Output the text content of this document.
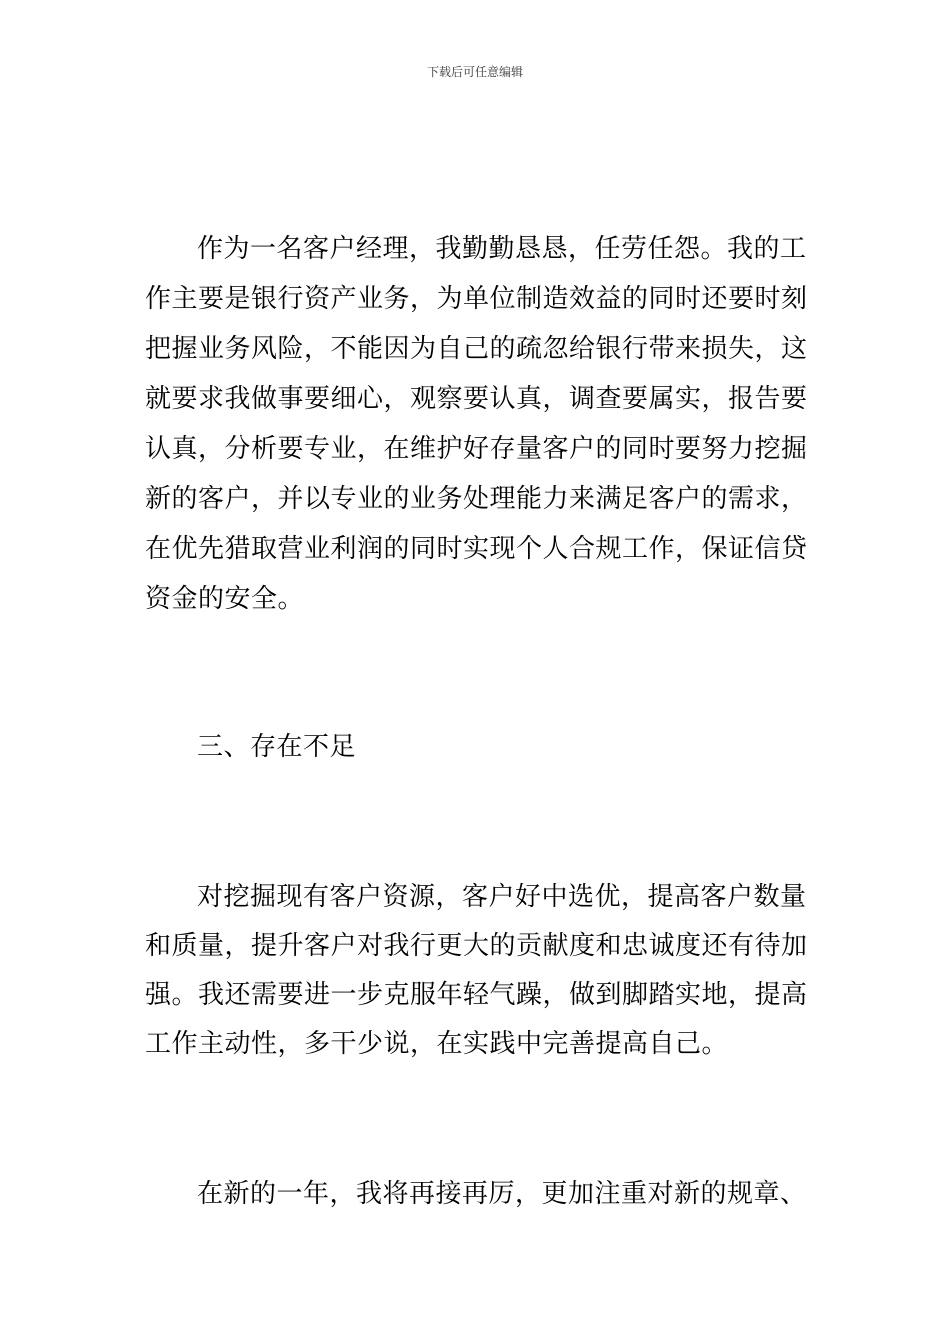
下载后可任意编辑
作为一名客户经理，我勤勤恳恳，任劳任怨。我的工
作主要是银行资产业务，为单位制造效益的同时还要时刻
把握业务风险，不能因为自己的疏忽给银行带来损失，这
就要求我做事要细心，观察要认真，调查要属实，报告要
认真，分析要专业，在维护好存量客户的同时要努力挖掘
新的客户，并以专业的业务处理能力来满足客户的需求，
在优先猎取营业利润的同时实现个人合规工作，保证信贷
资金的安全。
三、存在不足
对挖掘现有客户资源，客户好中选优，提高客户数量
和质量，提升客户对我行更大的贡献度和忠诚度还有待加
强。我还需要进一步克服年轻气躁，做到脚踏实地，提高
工作主动性，多干少说，在实践中完善提高自己。
在新的一年，我将再接再厉，更加注重对新的规章、
